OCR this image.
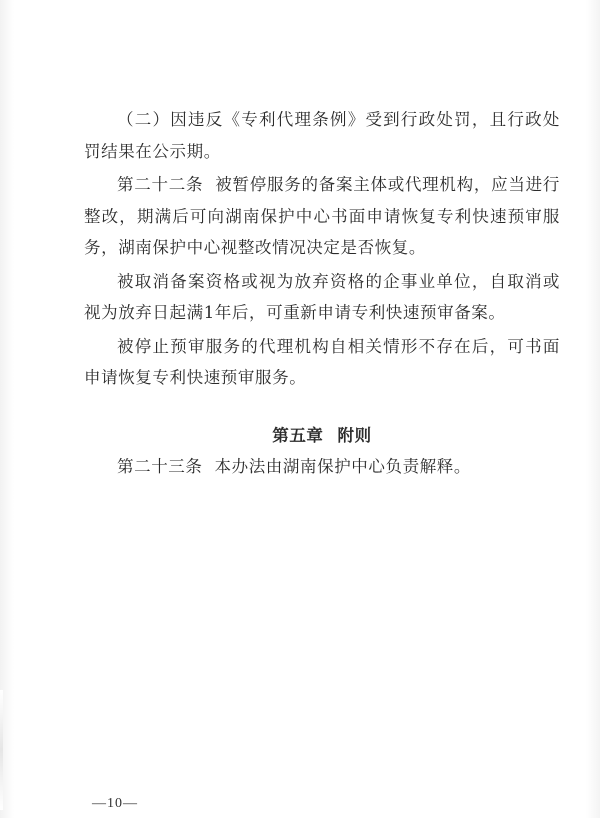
（二）因违反《专利代理条例》受到行政处罚，且行政处罚结果在公示期。

第二十二条 被暂停服务的备案主体或代理机构，应当进行整改，期满后可向湖南保护中心书面申请恢复专利快速预审服务，湖南保护中心视整改情况决定是否恢复。

被取消备案资格或视为放弃资格的企事业单位，自取消或视为放弃日起满1年后，可重新申请专利快速预审备案。

被停止预审服务的代理机构自相关情形不存在后，可书面申请恢复专利快速预审服务。

第五章 附则

第二十三条 本办法由湖南保护中心负责解释。

—10—
